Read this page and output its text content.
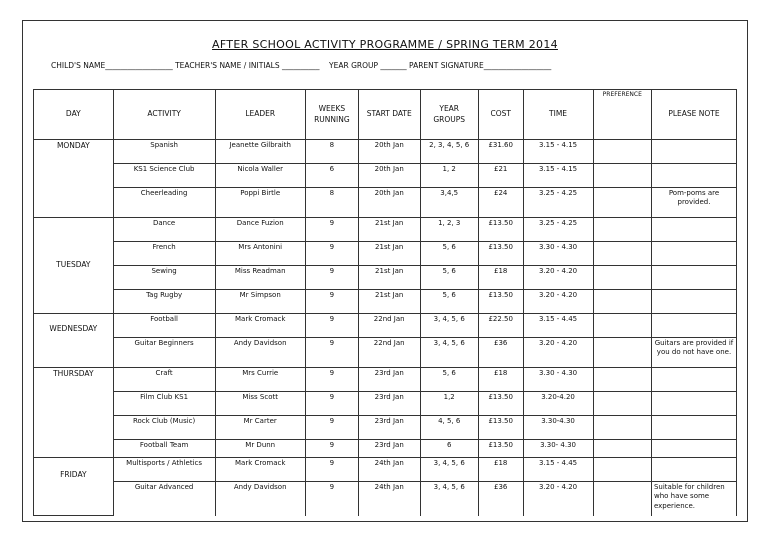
AFTER SCHOOL ACTIVITY PROGRAMME / SPRING TERM 2014
CHILD'S NAME__________________ TEACHER'S NAME / INITIALS __________ YEAR GROUP _______ PARENT SIGNATURE__________________
DAY	ACTIVITY	LEADER	WEEKS RUNNING	START DATE	YEAR GROUPS	COST	TIME	PREFERENCE	PLEASE NOTE
MONDAY	Spanish	Jeanette Gilbraith	8	20th Jan	2, 3, 4, 5, 6	£31.60	3.15 - 4.15		
	KS1 Science Club	Nicola Waller	6	20th Jan	1, 2	£21	3.15 - 4.15		
	Cheerleading	Poppi Birtle	8	20th Jan	3,4,5	£24	3.25 - 4.25		Pom-poms are provided.
TUESDAY	Dance	Dance Fuzion	9	21st Jan	1, 2, 3	£13.50	3.25 - 4.25		
	French	Mrs Antonini	9	21st Jan	5, 6	£13.50	3.30 - 4.30		
	Sewing	Miss Readman	9	21st Jan	5, 6	£18	3.20 - 4.20		
	Tag Rugby	Mr Simpson	9	21st Jan	5, 6	£13.50	3.20 - 4.20		
WEDNESDAY	Football	Mark Cromack	9	22nd Jan	3, 4, 5, 6	£22.50	3.15 - 4.45		
	Guitar Beginners	Andy Davidson	9	22nd Jan	3, 4, 5, 6	£36	3.20 - 4.20		Guitars are provided if you do not have one.
THURSDAY	Craft	Mrs Currie	9	23rd Jan	5, 6	£18	3.30 - 4.30		
	Film Club KS1	Miss Scott	9	23rd Jan	1,2	£13.50	3.20-4.20		
	Rock Club (Music)	Mr Carter	9	23rd Jan	4, 5, 6	£13.50	3.30-4.30		
	Football Team	Mr Dunn	9	23rd Jan	6	£13.50	3.30- 4.30		
FRIDAY	Multisports / Athletics	Mark Cromack	9	24th Jan	3, 4, 5, 6	£18	3.15 - 4.45		
	Guitar Advanced	Andy Davidson	9	24th Jan	3, 4, 5, 6	£36	3.20 - 4.20		Suitable for children who have some experience.
